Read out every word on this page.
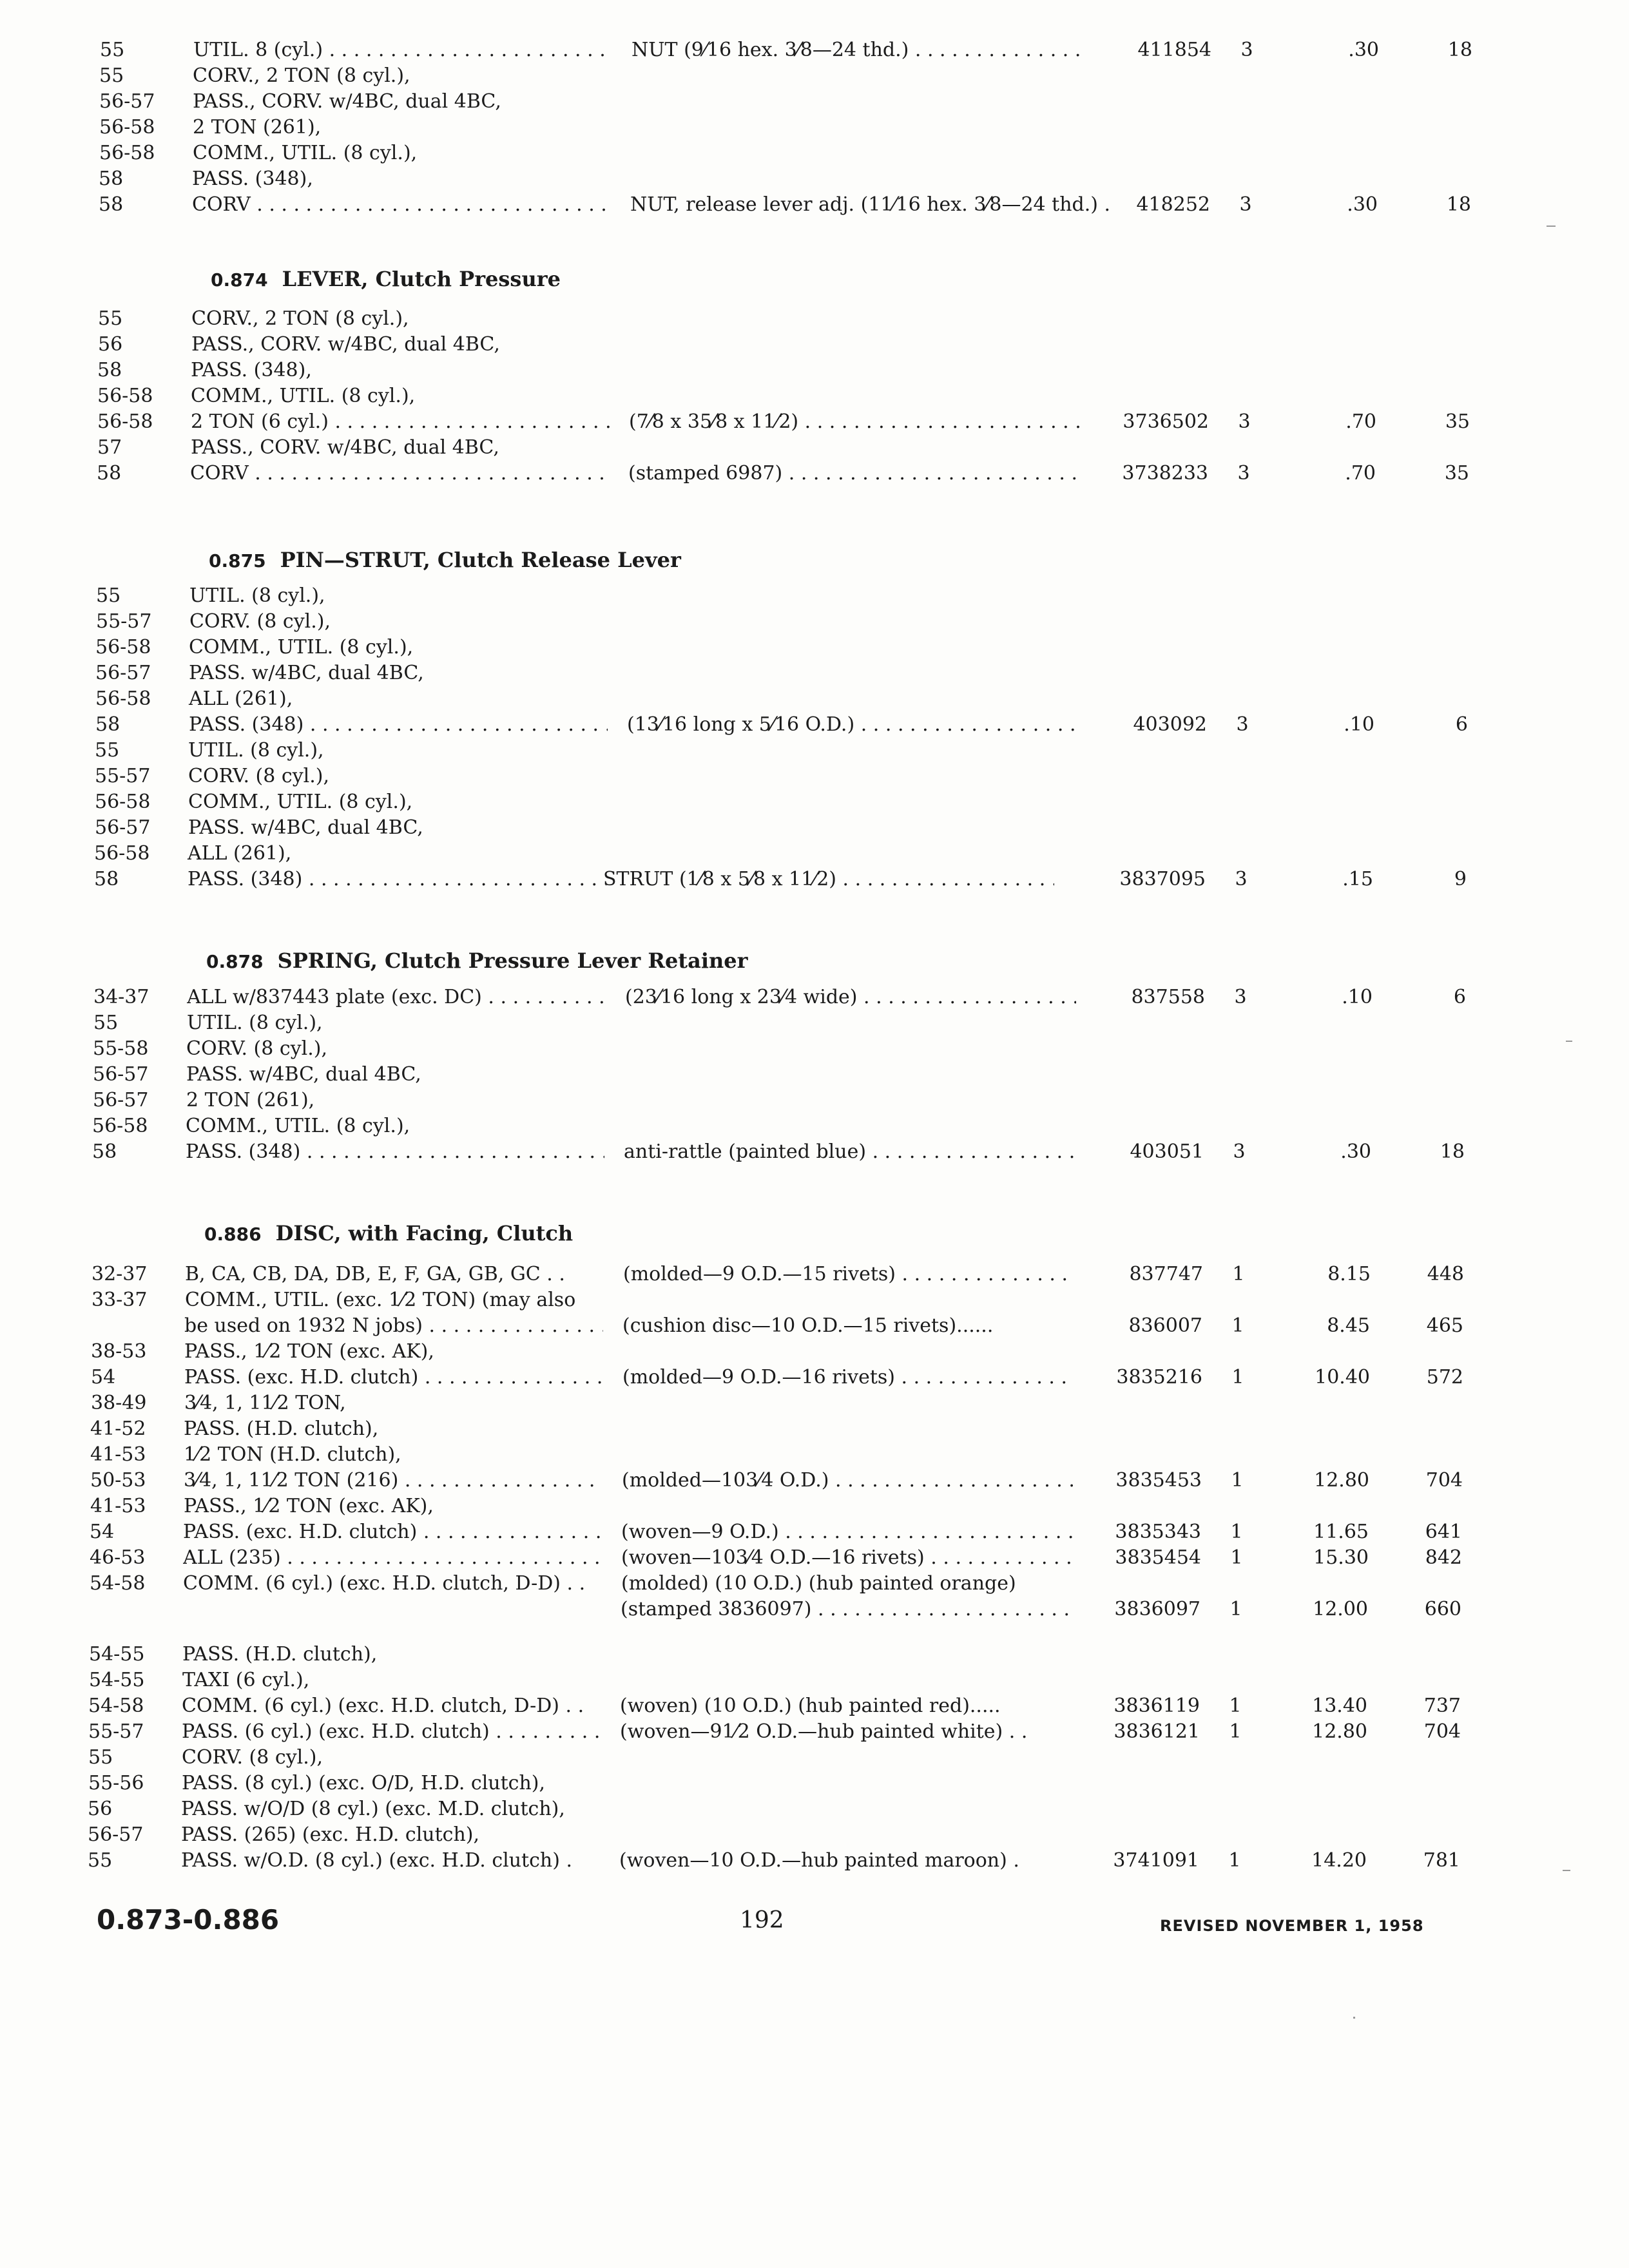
55	UTIL. 8 (cyl.) . . .	NUT (9⁄16 hex. 3⁄8—24 thd.) . . .	411854	3	.30	18
55	CORV., 2 TON (8 cyl.),
56-57 PASS., CORV. w/4BC, dual 4BC,
56-58 2 TON (261),
56-58 COMM., UTIL. (8 cyl.),
58	PASS. (348),
58	CORV . . .	NUT, release lever adj. (11⁄16 hex. 3⁄8—24 thd.) .	418252	3	.30	18
0.874 LEVER, Clutch Pressure
55	CORV., 2 TON (8 cyl.),
56	PASS., CORV. w/4BC, dual 4BC,
58	PASS. (348),
56-58 COMM., UTIL. (8 cyl.),
56-58 2 TON (6 cyl.) . . .	(7⁄8 x 35⁄8 x 11⁄2) . . .	3736502	3	.70	35
57	PASS., CORV. w/4BC, dual 4BC,
58	CORV . . .	(stamped 6987) . . .	3738233	3	.70	35
0.875 PIN—STRUT, Clutch Release Lever
55	UTIL. (8 cyl.),
55-57 CORV. (8 cyl.),
56-58 COMM., UTIL. (8 cyl.),
56-57 PASS. w/4BC, dual 4BC,
56-58 ALL (261),
58	PASS. (348) . . .	(13⁄16 long x 5⁄16 O.D.) . . .	403092	3	.10	6
55	UTIL. (8 cyl.),
55-57 CORV. (8 cyl.),
56-58 COMM., UTIL. (8 cyl.),
56-57 PASS. w/4BC, dual 4BC,
56-58 ALL (261),
58	PASS. (348) . . .	STRUT (1⁄8 x 5⁄8 x 11⁄2) . . .	3837095	3	.15	9
0.878 SPRING, Clutch Pressure Lever Retainer
34-37 ALL w/837443 plate (exc. DC) . . .	(23⁄16 long x 23⁄4 wide) . . .	837558	3	.10	6
55	UTIL. (8 cyl.),
55-58 CORV. (8 cyl.),
56-57 PASS. w/4BC, dual 4BC,
56-57 2 TON (261),
56-58 COMM., UTIL. (8 cyl.),
58	PASS. (348) . . .	anti-rattle (painted blue) . . .	403051	3	.30	18
0.886 DISC, with Facing, Clutch
32-37 B, CA, CB, DA, DB, E, F, GA, GB, GC . .	(molded—9 O.D.—15 rivets) . . .	837747	1	8.15	448
33-37 COMM., UTIL. (exc. 1⁄2 TON) (may also
be used on 1932 N jobs) . . .	(cushion disc—10 O.D.—15 rivets)......	836007	1	8.45	465
38-53 PASS., 1⁄2 TON (exc. AK),
54	PASS. (exc. H.D. clutch) . . .	(molded—9 O.D.—16 rivets) . . .	3835216	1	10.40	572
38-49 3⁄4, 1, 11⁄2 TON,
41-52 PASS. (H.D. clutch),
41-53 1⁄2 TON (H.D. clutch),
50-53 3⁄4, 1, 11⁄2 TON (216) . . .	(molded—103⁄4 O.D.) . . .	3835453	1	12.80	704
41-53 PASS., 1⁄2 TON (exc. AK),
54	PASS. (exc. H.D. clutch) . . .	(woven—9 O.D.) . . .	3835343	1	11.65	641
46-53 ALL (235) . . .	(woven—103⁄4 O.D.—16 rivets) . . .	3835454	1	15.30	842
54-58 COMM. (6 cyl.) (exc. H.D. clutch, D-D) . . (molded) (10 O.D.) (hub painted orange)
(stamped 3836097) . . .	3836097	1	12.00	660
54-55 PASS. (H.D. clutch),
54-55 TAXI (6 cyl.),
54-58 COMM. (6 cyl.) (exc. H.D. clutch, D-D) . . (woven) (10 O.D.) (hub painted red).....	3836119	1	13.40	737
55-57 PASS. (6 cyl.) (exc. H.D. clutch) . . .	(woven—91⁄2 O.D.—hub painted white) . .	3836121	1	12.80	704
55	CORV. (8 cyl.),
55-56 PASS. (8 cyl.) (exc. O/D, H.D. clutch),
56	PASS. w/O/D (8 cyl.) (exc. M.D. clutch),
56-57 PASS. (265) (exc. H.D. clutch),
55	PASS. w/O.D. (8 cyl.) (exc. H.D. clutch) . (woven—10 O.D.—hub painted maroon) .	3741091	1	14.20	781
0.873-0.886	192	REVISED NOVEMBER 1, 1958
